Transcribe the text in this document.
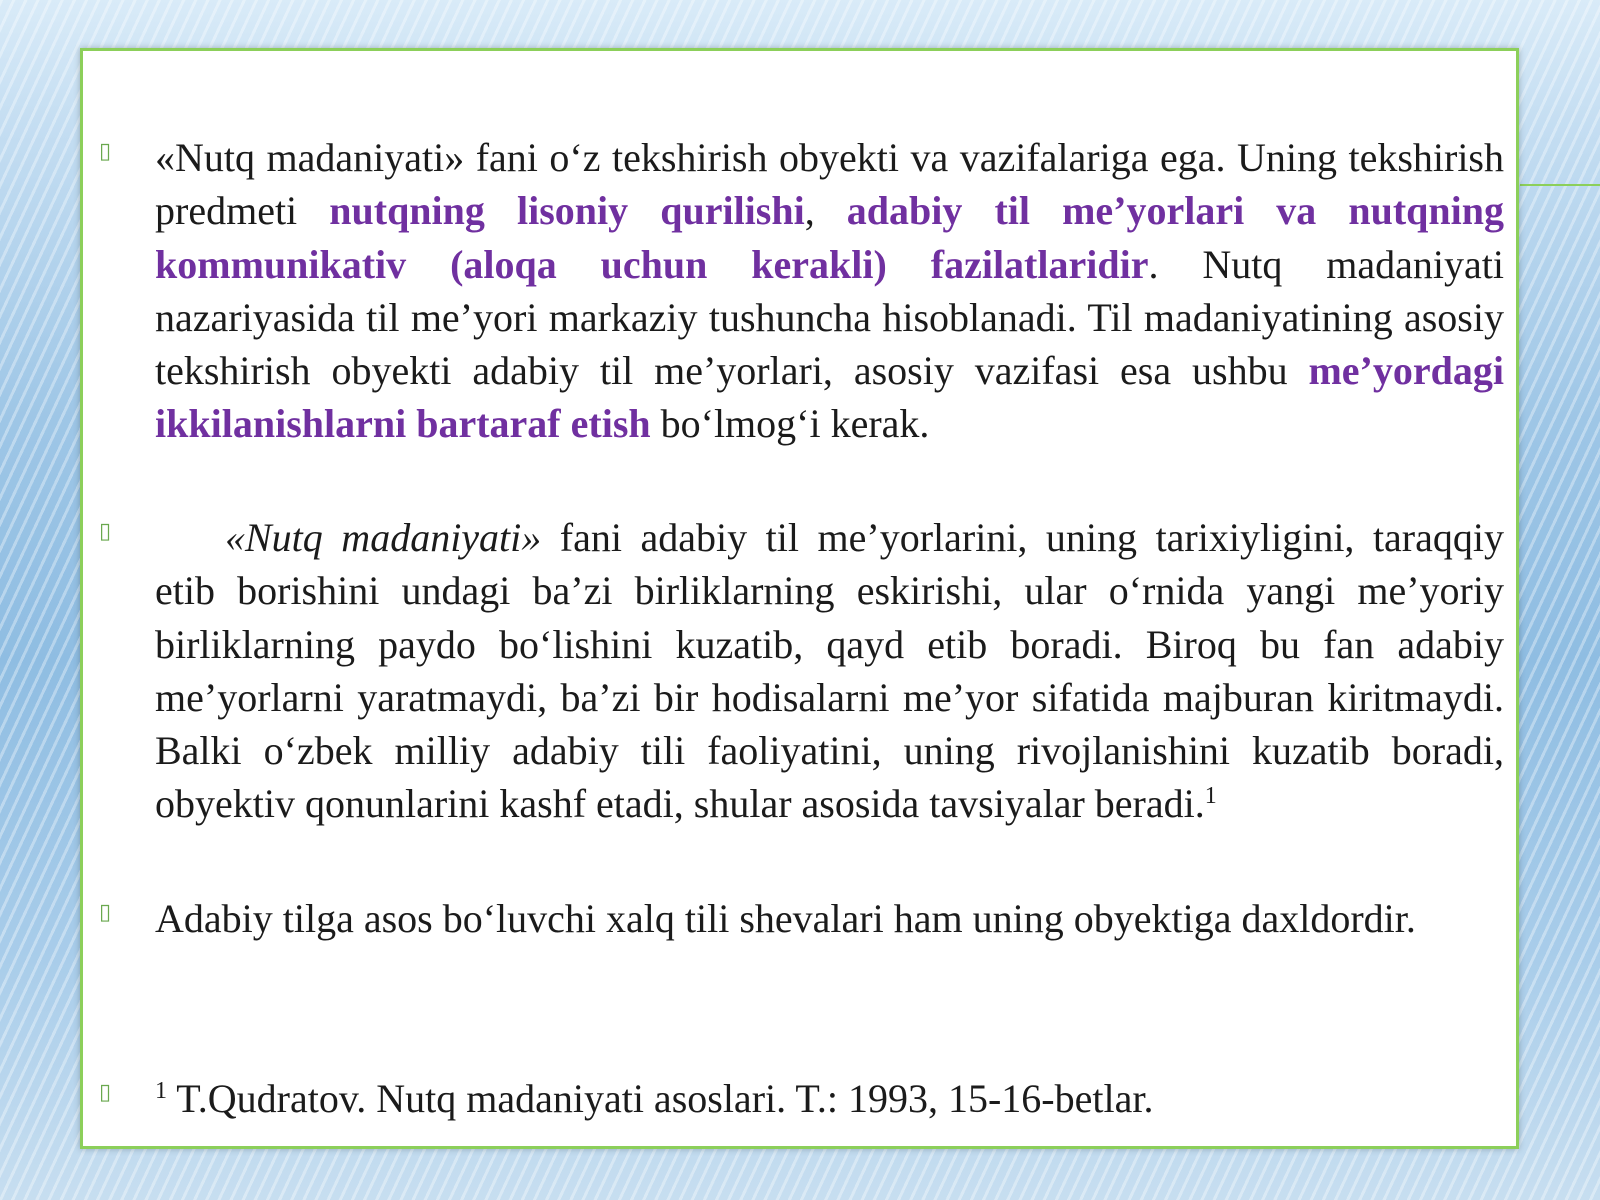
▯ «Nutq madaniyati» fani o‘z tekshirish obyekti va vazifalariga ega. Uning tekshirish predmeti nutqning lisoniy qurilishi, adabiy til me’yorlari va nutqning kommunikativ (aloqa uchun kerakli) fazilatlaridir. Nutq madaniyati nazariyasida til me’yori markaziy tushuncha hisoblanadi. Til madaniyatining asosiy tekshirish obyekti adabiy til me’yorlari, asosiy vazifasi esa ushbu me’yordagi ikkilanishlarni bartaraf etish bo‘lmog‘i kerak.
▯	«Nutq madaniyati» fani adabiy til me’yorlarini, uning tarixiyligini, taraqqiy etib borishini undagi ba’zi birliklarning eskirishi, ular o‘rnida yangi me’yoriy birliklarning paydo bo‘lishini kuzatib, qayd etib boradi. Biroq bu fan adabiy me’yorlarni yaratmaydi, ba’zi bir hodisalarni me’yor sifatida majburan kiritmaydi. Balki o‘zbek milliy adabiy tili faoliyatini, uning rivojlanishini kuzatib boradi, obyektiv qonunlarini kashf etadi, shular asosida tavsiyalar beradi.$^1$
▯ Adabiy tilga asos bo‘luvchi xalq tili shevalari ham uning obyektiga daxldordir.
▯ $^1$ T.Qudratov. Nutq madaniyati asoslari. T.: 1993, 15-16-betlar.
